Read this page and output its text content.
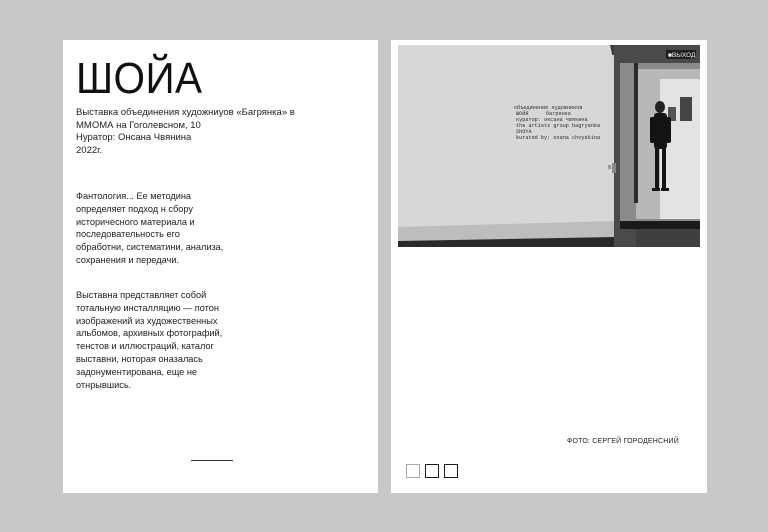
ШОЙА
Выставка объединения художниуов «Багрянка» в
ММОМА на Гоголевсном, 10
Нуратор: Онсана Чвянина
2022г.
Фантология... Ее методина определяет подход н сбору историчесного материала и последовательность его обработни, систематини, анализа, сохранения и передачи.
Выставна представляет собой тотальную инсталляцию — потон изображений из художественных альбомов, архивных фотографий, тенстов и иллюстраций, каталог выставни, ноторая оназалась задонументирована, еще не отнрывшись.
■ВЫХОД
объединение художников
ШОЙЯ	багрянка
куратор: оксана чвякина
the artists group bagryanka
ShOYA
kurated by: oxana chvyakina
ФОТО: СЕРГЕЙ ГОРОДЕНСНИЙ
